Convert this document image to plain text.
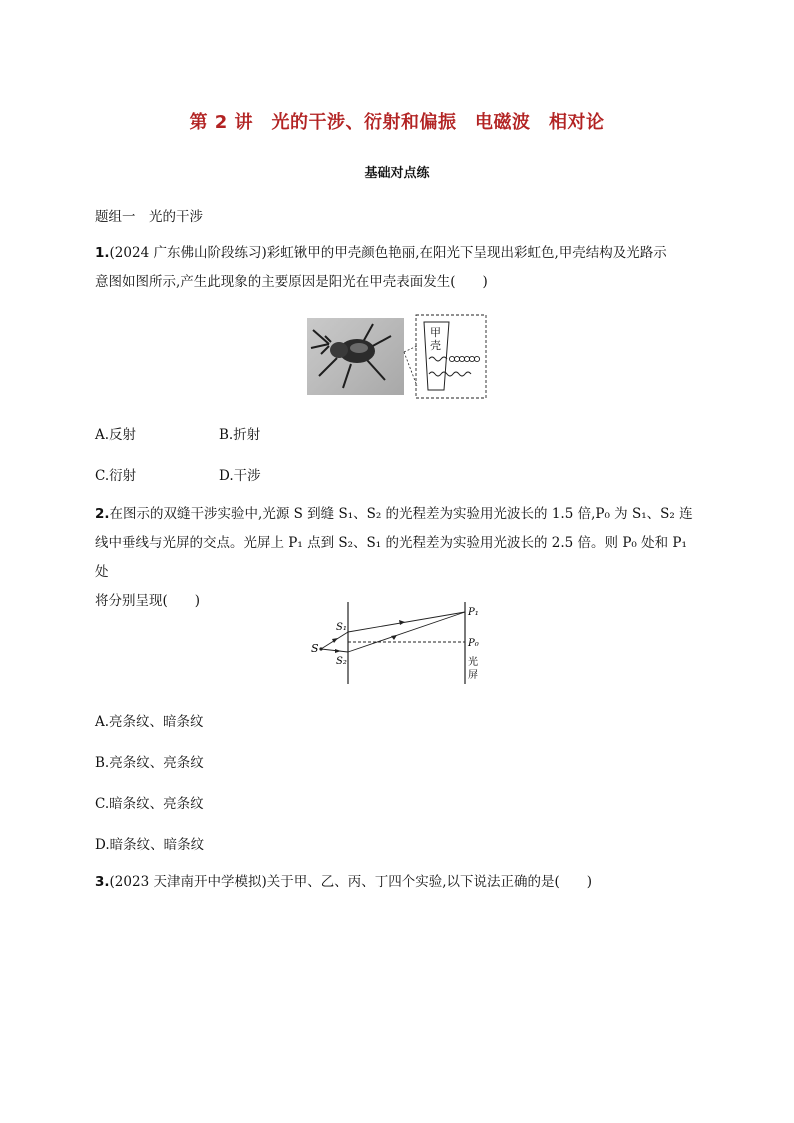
第 2 讲　光的干涉、衍射和偏振　电磁波　相对论
基础对点练
题组一　光的干涉
1.(2024 广东佛山阶段练习)彩虹锹甲的甲壳颜色艳丽,在阳光下呈现出彩虹色,甲壳结构及光路示
意图如图所示,产生此现象的主要原因是阳光在甲壳表面发生(　　)
甲
壳
A.反射	B.折射
C.衍射	D.干涉
2.在图示的双缝干涉实验中,光源 S 到缝 S₁、S₂ 的光程差为实验用光波长的 1.5 倍,P₀ 为 S₁、S₂ 连
线中垂线与光屏的交点。光屏上 P₁ 点到 S₂、S₁ 的光程差为实验用光波长的 2.5 倍。则 P₀ 处和 P₁ 处
将分别呈现(　　)
S
S₁
S₂
P₁
P₀
光
屏
A.亮条纹、暗条纹
B.亮条纹、亮条纹
C.暗条纹、亮条纹
D.暗条纹、暗条纹
3.(2023 天津南开中学模拟)关于甲、乙、丙、丁四个实验,以下说法正确的是(　　)
